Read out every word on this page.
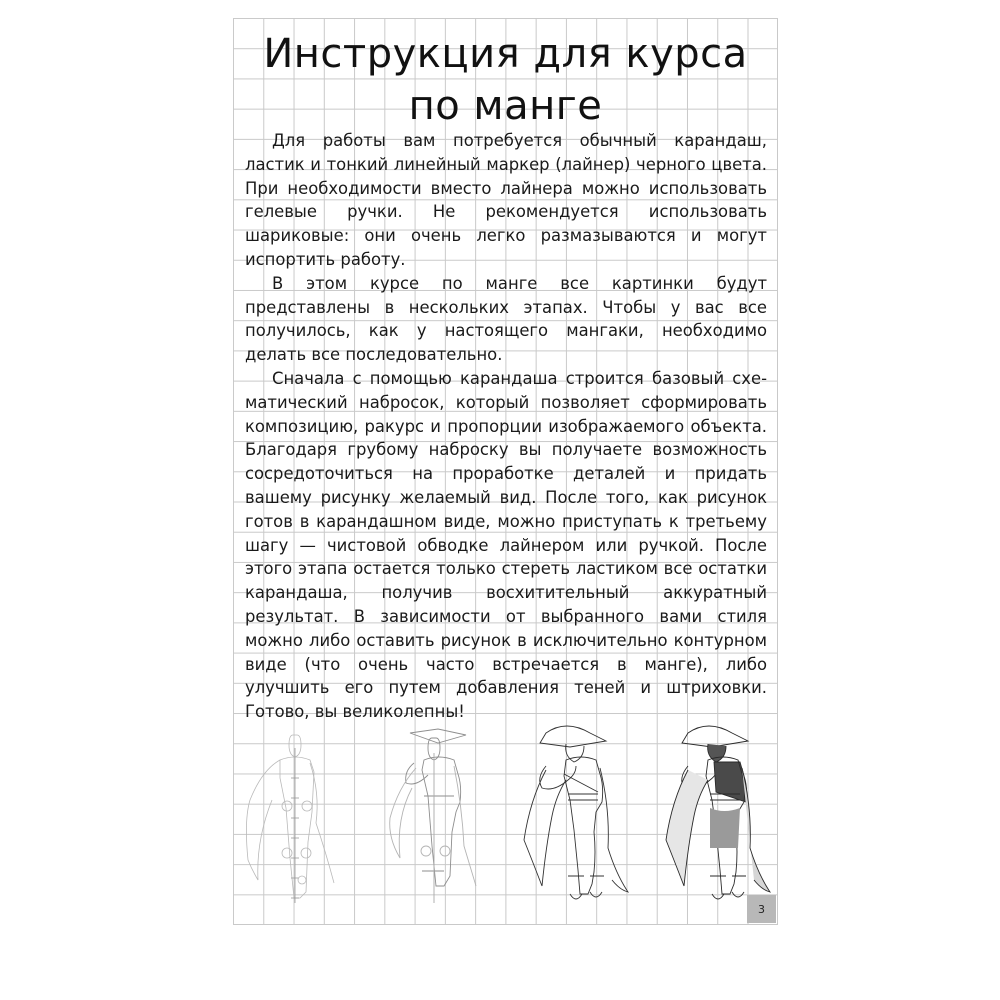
Инструкция для курса по манге

Для работы вам потребуется обычный карандаш, ластик и тонкий линейный маркер (лайнер) черного цвета. При необходимости вместо лайнера можно использовать гелевые ручки. Не рекомендуется использовать шариковые: они очень легко размазываются и могут испортить работу.

В этом курсе по манге все картинки будут представлены в нескольких этапах. Чтобы у вас все получилось, как у настоящего мангаки, необходимо делать все последовательно.

Сначала с помощью карандаша строится базовый схематический набросок, который позволяет сформировать композицию, ракурс и пропорции изображаемого объекта. Благодаря грубому наброску вы получаете возможность сосредоточиться на проработке деталей и придать вашему рисунку желаемый вид. После того, как рисунок готов в карандашном виде, можно приступать к третьему шагу — чистовой обводке лайнером или ручкой. После этого этапа остается только стереть ластиком все остатки карандаша, получив восхитительный аккуратный результат. В зависимости от выбранного вами стиля можно либо оставить рисунок в исключительно контурном виде (что очень часто встречается в манге), либо улучшить его путем добавления теней и штриховки. Готово, вы великолепны!

3
